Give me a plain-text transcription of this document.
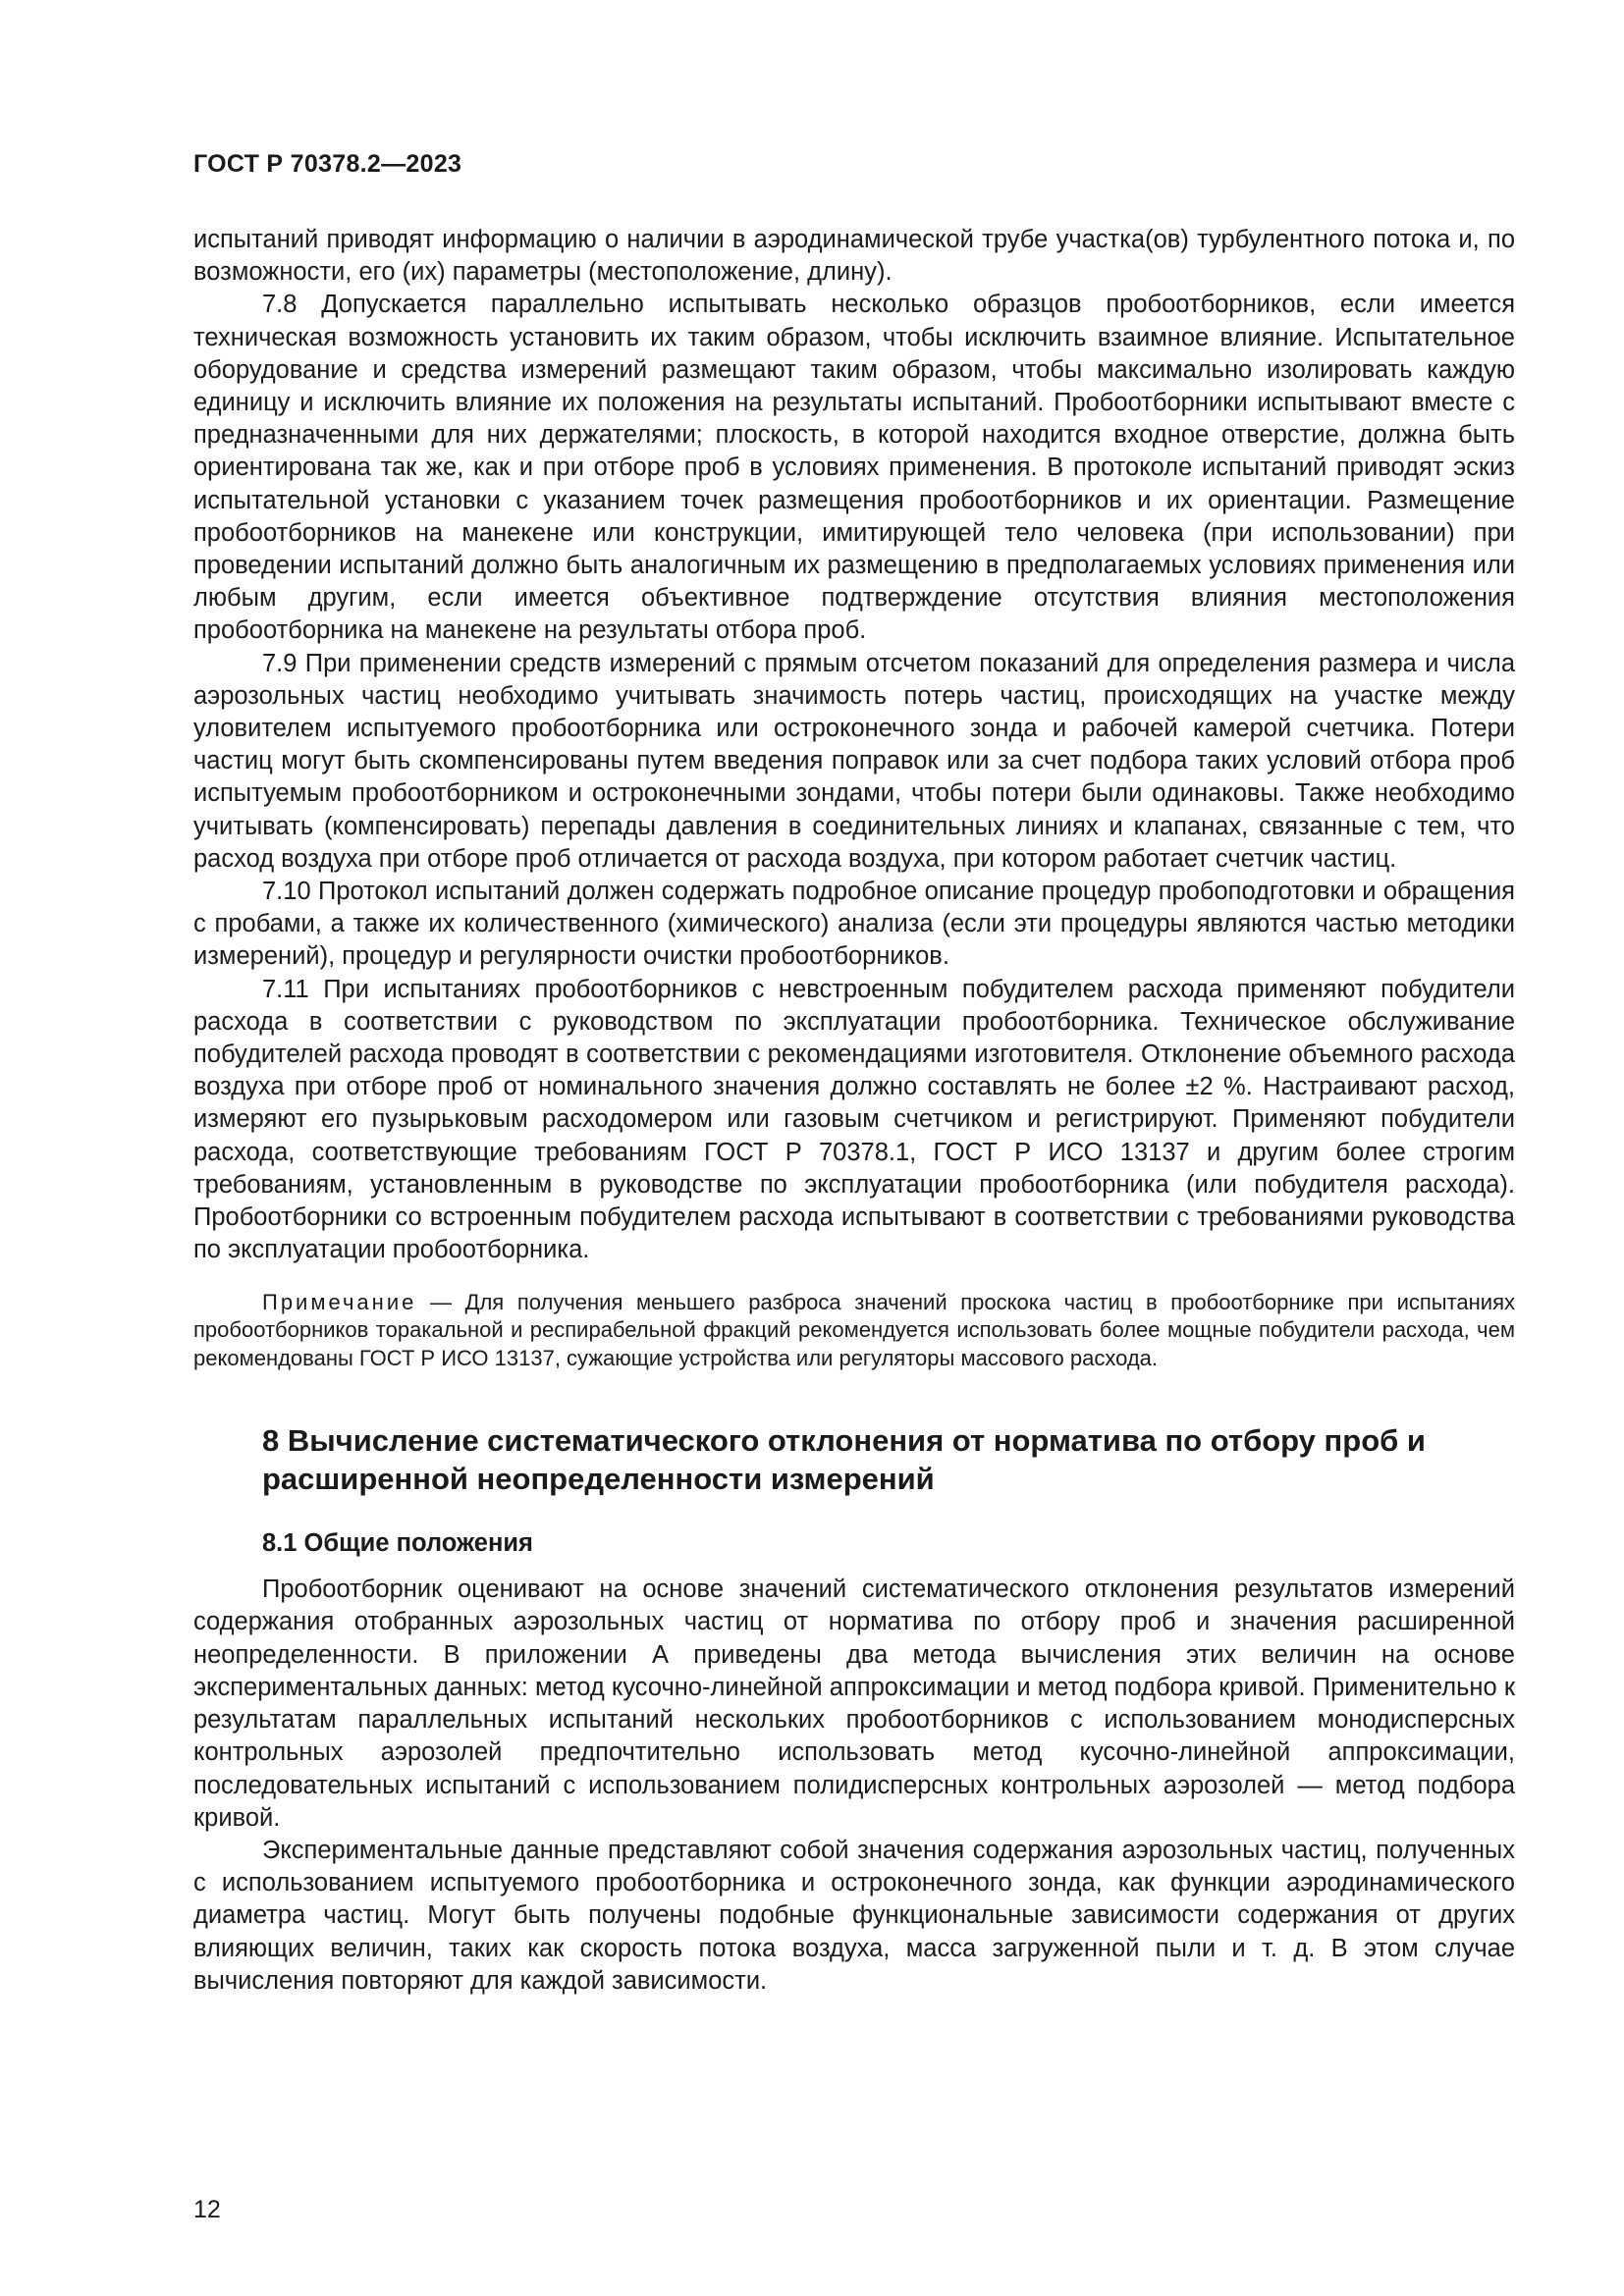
ГОСТ Р 70378.2—2023

испытаний приводят информацию о наличии в аэродинамической трубе участка(ов) турбулентного потока и, по возможности, его (их) параметры (местоположение, длину).

7.8 Допускается параллельно испытывать несколько образцов пробоотборников, если имеется техническая возможность установить их таким образом, чтобы исключить взаимное влияние. Испытательное оборудование и средства измерений размещают таким образом, чтобы максимально изолировать каждую единицу и исключить влияние их положения на результаты испытаний. Пробоотборники испытывают вместе с предназначенными для них держателями; плоскость, в которой находится входное отверстие, должна быть ориентирована так же, как и при отборе проб в условиях применения. В протоколе испытаний приводят эскиз испытательной установки с указанием точек размещения пробоотборников и их ориентации. Размещение пробоотборников на манекене или конструкции, имитирующей тело человека (при использовании) при проведении испытаний должно быть аналогичным их размещению в предполагаемых условиях применения или любым другим, если имеется объективное подтверждение отсутствия влияния местоположения пробоотборника на манекене на результаты отбора проб.

7.9 При применении средств измерений с прямым отсчетом показаний для определения размера и числа аэрозольных частиц необходимо учитывать значимость потерь частиц, происходящих на участке между уловителем испытуемого пробоотборника или остроконечного зонда и рабочей камерой счетчика. Потери частиц могут быть скомпенсированы путем введения поправок или за счет подбора таких условий отбора проб испытуемым пробоотборником и остроконечными зондами, чтобы потери были одинаковы. Также необходимо учитывать (компенсировать) перепады давления в соединительных линиях и клапанах, связанные с тем, что расход воздуха при отборе проб отличается от расхода воздуха, при котором работает счетчик частиц.

7.10 Протокол испытаний должен содержать подробное описание процедур пробоподготовки и обращения с пробами, а также их количественного (химического) анализа (если эти процедуры являются частью методики измерений), процедур и регулярности очистки пробоотборников.

7.11 При испытаниях пробоотборников с невстроенным побудителем расхода применяют побудители расхода в соответствии с руководством по эксплуатации пробоотборника. Техническое обслуживание побудителей расхода проводят в соответствии с рекомендациями изготовителя. Отклонение объемного расхода воздуха при отборе проб от номинального значения должно составлять не более ±2 %. Настраивают расход, измеряют его пузырьковым расходомером или газовым счетчиком и регистрируют. Применяют побудители расхода, соответствующие требованиям ГОСТ Р 70378.1, ГОСТ Р ИСО 13137 и другим более строгим требованиям, установленным в руководстве по эксплуатации пробоотборника (или побудителя расхода). Пробоотборники со встроенным побудителем расхода испытывают в соответствии с требованиями руководства по эксплуатации пробоотборника.

Примечание — Для получения меньшего разброса значений проскока частиц в пробоотборнике при испытаниях пробоотборников торакальной и респирабельной фракций рекомендуется использовать более мощные побудители расхода, чем рекомендованы ГОСТ Р ИСО 13137, сужающие устройства или регуляторы массового расхода.

8 Вычисление систематического отклонения от норматива по отбору проб и расширенной неопределенности измерений

8.1 Общие положения

Пробоотборник оценивают на основе значений систематического отклонения результатов измерений содержания отобранных аэрозольных частиц от норматива по отбору проб и значения расширенной неопределенности. В приложении А приведены два метода вычисления этих величин на основе экспериментальных данных: метод кусочно-линейной аппроксимации и метод подбора кривой. Применительно к результатам параллельных испытаний нескольких пробоотборников с использованием монодисперсных контрольных аэрозолей предпочтительно использовать метод кусочно-линейной аппроксимации, последовательных испытаний с использованием полидисперсных контрольных аэрозолей — метод подбора кривой.

Экспериментальные данные представляют собой значения содержания аэрозольных частиц, полученных с использованием испытуемого пробоотборника и остроконечного зонда, как функции аэродинамического диаметра частиц. Могут быть получены подобные функциональные зависимости содержания от других влияющих величин, таких как скорость потока воздуха, масса загруженной пыли и т. д. В этом случае вычисления повторяют для каждой зависимости.

12
